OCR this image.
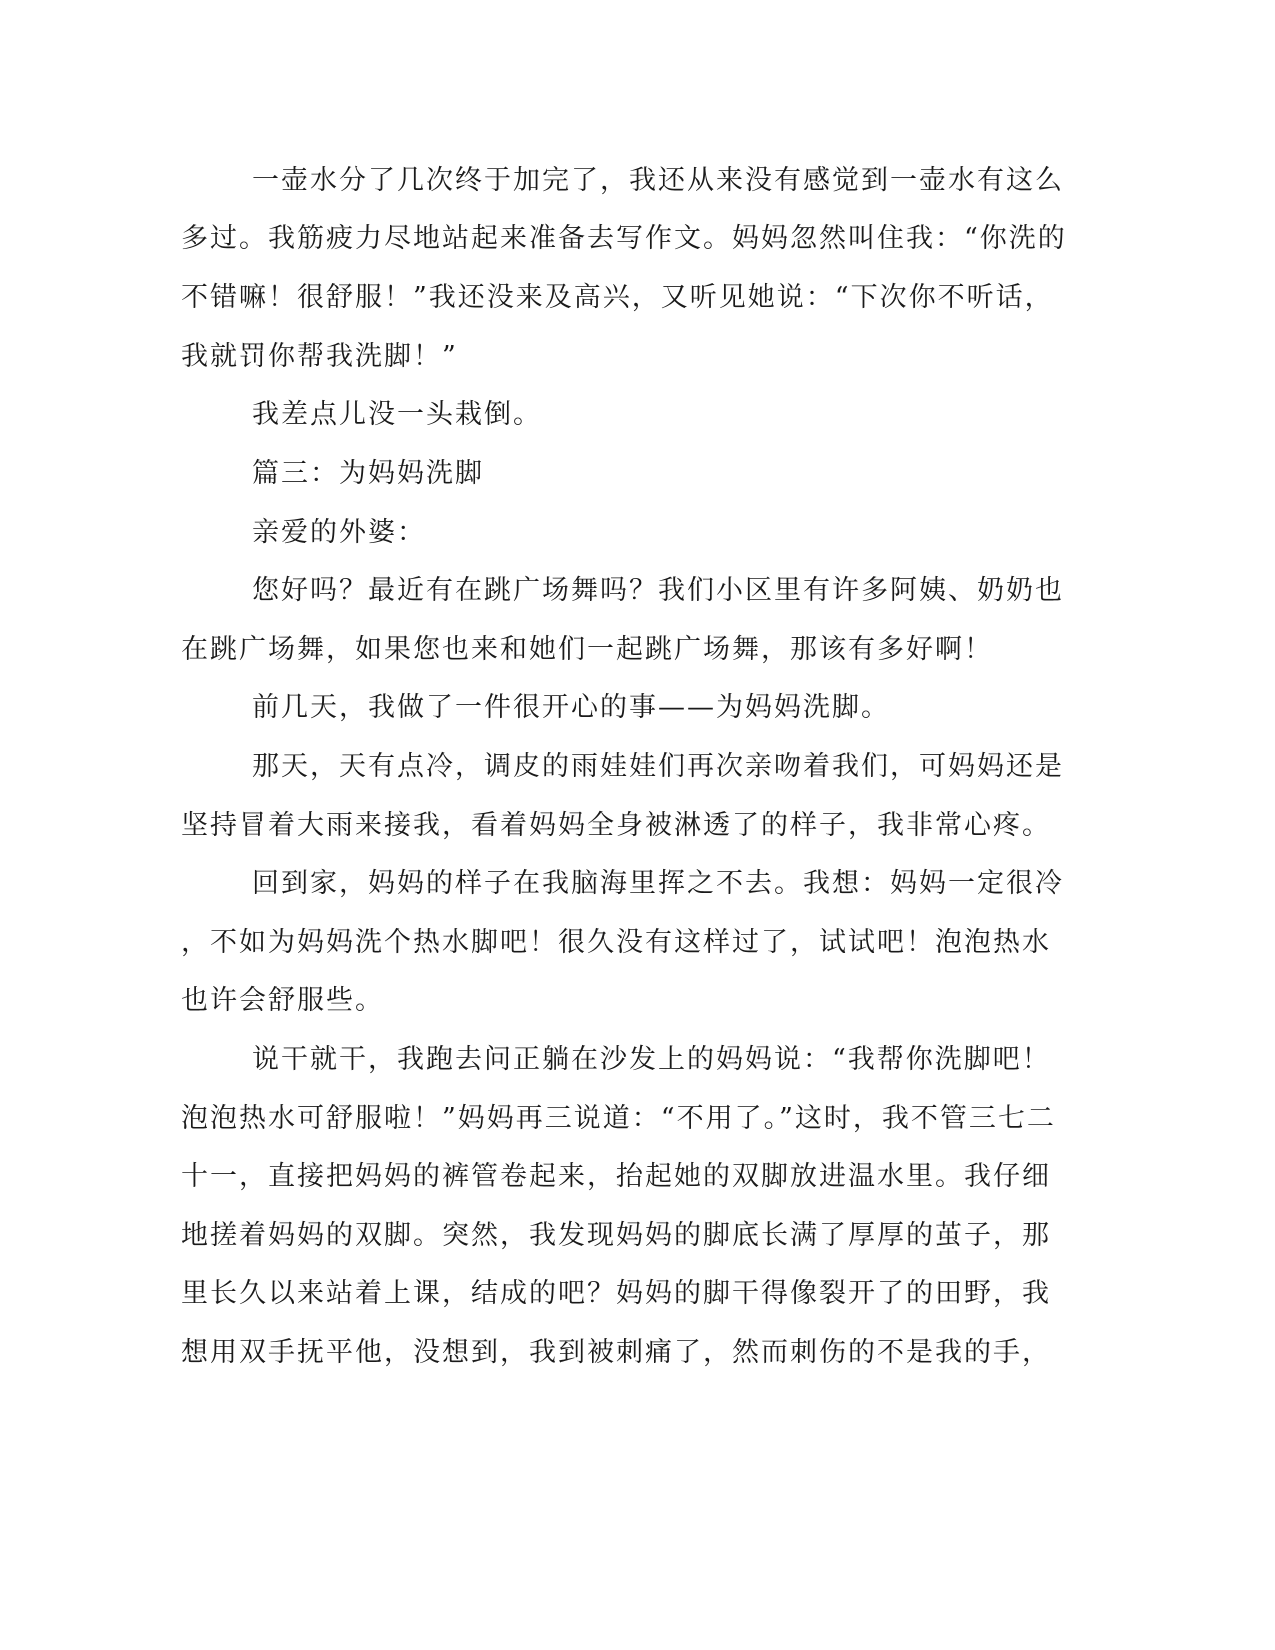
一壶水分了几次终于加完了，我还从来没有感觉到一壶水有这么

多过。我筋疲力尽地站起来准备去写作文。妈妈忽然叫住我：“你洗的

不错嘛！很舒服！”我还没来及高兴，又听见她说：“下次你不听话，

我就罚你帮我洗脚！”

我差点儿没一头栽倒。

篇三：为妈妈洗脚

亲爱的外婆：

您好吗？最近有在跳广场舞吗？我们小区里有许多阿姨、奶奶也

在跳广场舞，如果您也来和她们一起跳广场舞，那该有多好啊！

前几天，我做了一件很开心的事——为妈妈洗脚。

那天，天有点冷，调皮的雨娃娃们再次亲吻着我们，可妈妈还是

坚持冒着大雨来接我，看着妈妈全身被淋透了的样子，我非常心疼。

回到家，妈妈的样子在我脑海里挥之不去。我想：妈妈一定很冷

，不如为妈妈洗个热水脚吧！很久没有这样过了，试试吧！泡泡热水

也许会舒服些。

说干就干，我跑去问正躺在沙发上的妈妈说：“我帮你洗脚吧！

泡泡热水可舒服啦！”妈妈再三说道：“不用了。”这时，我不管三七二

十一，直接把妈妈的裤管卷起来，抬起她的双脚放进温水里。我仔细

地搓着妈妈的双脚。突然，我发现妈妈的脚底长满了厚厚的茧子，那

里长久以来站着上课，结成的吧？妈妈的脚干得像裂开了的田野，我

想用双手抚平他，没想到，我到被刺痛了，然而刺伤的不是我的手，
